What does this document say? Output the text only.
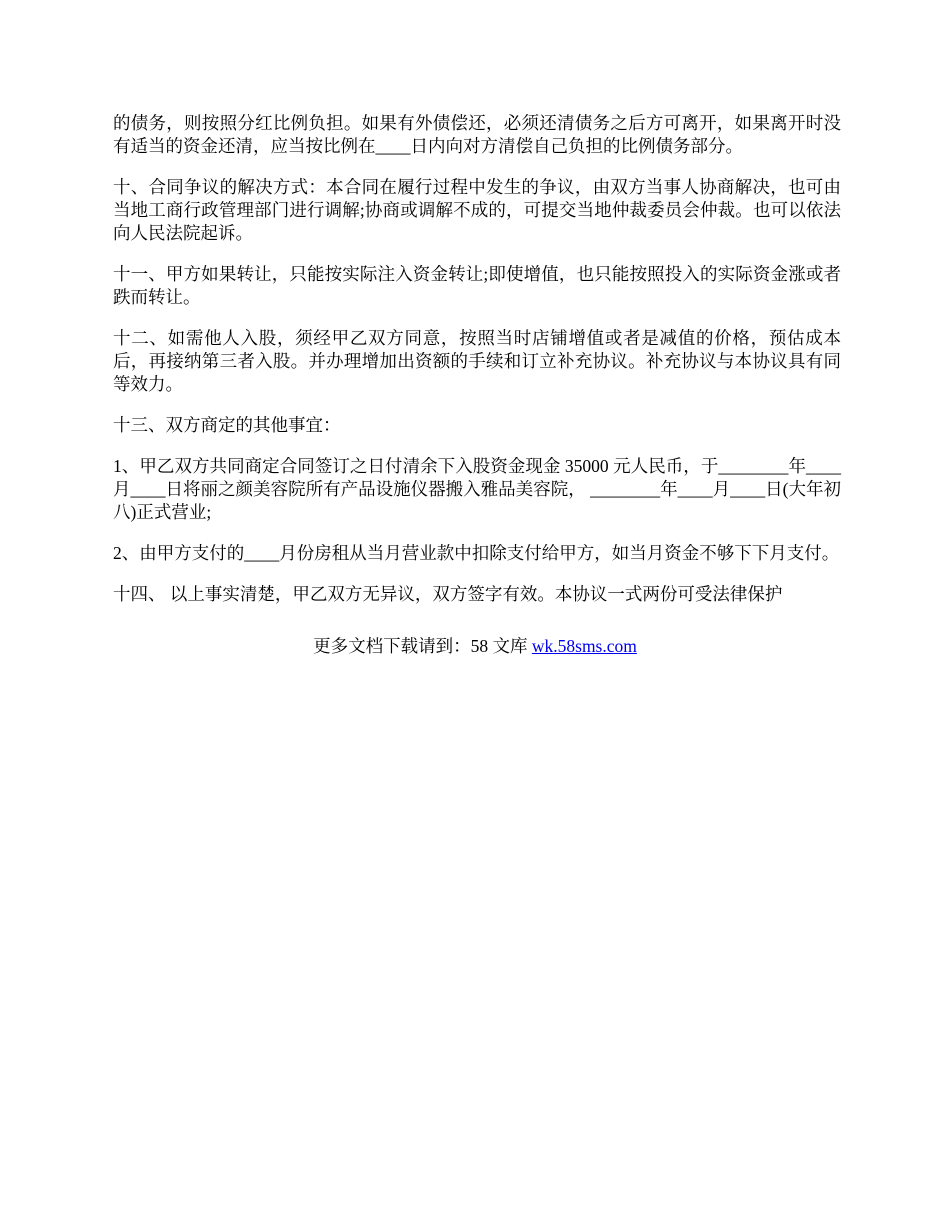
的债务，则按照分红比例负担。如果有外债偿还，必须还清债务之后方可离开，如果离开时没有适当的资金还清，应当按比例在____日内向对方清偿自己负担的比例债务部分。

十、合同争议的解决方式：本合同在履行过程中发生的争议，由双方当事人协商解决，也可由当地工商行政管理部门进行调解;协商或调解不成的，可提交当地仲裁委员会仲裁。也可以依法向人民法院起诉。

十一、甲方如果转让，只能按实际注入资金转让;即使增值，也只能按照投入的实际资金涨或者跌而转让。

十二、如需他人入股，须经甲乙双方同意，按照当时店铺增值或者是减值的价格，预估成本后，再接纳第三者入股。并办理增加出资额的手续和订立补充协议。补充协议与本协议具有同等效力。

十三、双方商定的其他事宜：

1、甲乙双方共同商定合同签订之日付清余下入股资金现金 35000 元人民币，于________年____月____日将丽之颜美容院所有产品设施仪器搬入雅品美容院， ________年____月____日(大年初八)正式营业;

2、由甲方支付的____月份房租从当月营业款中扣除支付给甲方，如当月资金不够下下月支付。

十四、 以上事实清楚，甲乙双方无异议，双方签字有效。本协议一式两份可受法律保护

更多文档下载请到：58 文库 wk.58sms.com
